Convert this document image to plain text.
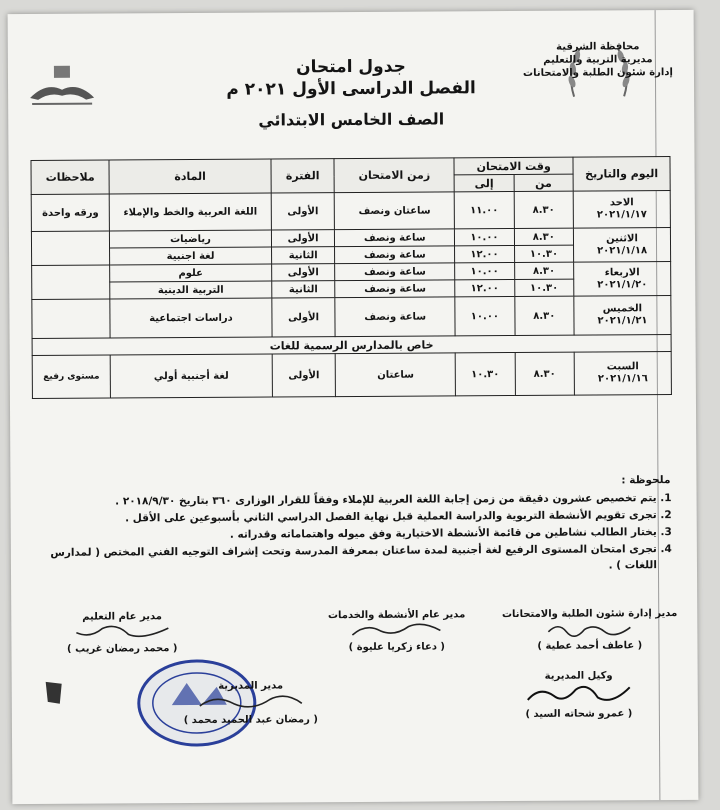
محافظة الشرقية
مديرية التربية والتعليم
إدارة شئون الطلبة والامتحانات
جدول امتحان
الفصل الدراسى الأول ٢٠٢١ م
الصف الخامس الابتدائي
اليوم والتاريخ	وقت الامتحان		زمن الامتحان	الفترة	المادة	ملاحظات
	من	إلى				

الاحد
٢٠٢١/١/١٧	٨.٣٠	١١.٠٠	ساعتان ونصف	الأولى	اللغة العربية والخط والإملاء	ورقه واحدة

الاثنين
٢٠٢١/١/١٨	٨.٣٠	١٠.٠٠	ساعة ونصف	الأولى	رياضيات	
	١٠.٣٠	١٢.٠٠	ساعة ونصف	الثانية	لغة اجنبية	

الاربعاء
٢٠٢١/١/٢٠	٨.٣٠	١٠.٠٠	ساعة ونصف	الأولى	علوم	
	١٠.٣٠	١٢.٠٠	ساعة ونصف	الثانية	التربية الدينية	

الخميس
٢٠٢١/١/٢١	٨.٣٠	١٠.٠٠	ساعة ونصف	الأولى	دراسات اجتماعية	
خاص بالمدارس الرسمية للغات						

السبت
٢٠٢١/١/١٦	٨.٣٠	١٠.٣٠	ساعتان	الأولى	لغة أجنبية أولي	مستوى رفيع
ملحوظة :
1. يتم تخصيص عشرون دقيقة من زمن إجابة اللغة العربية للإملاء وفقاً للقرار الوزارى ٣٦٠ بتاريخ ٢٠١٨/٩/٣٠ .
2. تجرى تقويم الأنشطة التربوية والدراسة العملية قبل نهاية الفصل الدراسي الثاني بأسبوعين على الأقل .
3. يختار الطالب نشاطين من قائمة الأنشطة الاختيارية وفق ميوله واهتماماته وقدراته .
4. تجرى امتحان المستوى الرفيع لغة أجنبية لمدة ساعتان بمعرفة المدرسة وتحت إشراف التوجيه الفني المختص ( لمدارس اللغات ) .
مدير إدارة شئون الطلبة والامتحانات
( عاطف أحمد عطية )
مدير عام الأنشطة والخدمات
( دعاء زكريا عليوة )
مدير عام التعليم
( محمد رمضان غريب )
وكيل المديرية
( عمرو شحاته السيد )
مدير المديرية
( رمضان عبد الحميد محمد )
